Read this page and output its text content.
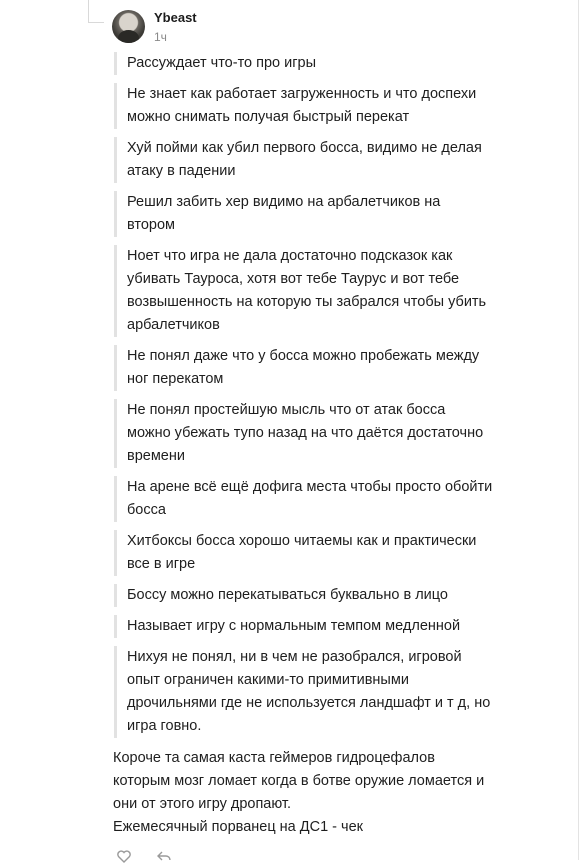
Ybeast
1ч
Рассуждает что-то про игры
Не знает как работает загруженность и что доспехи
можно снимать получая быстрый перекат
Хуй пойми как убил первого босса, видимо не делая
атаку в падении
Решил забить хер видимо на арбалетчиков на
втором
Ноет что игра не дала достаточно подсказок как
убивать Тауроса, хотя вот тебе Таурус и вот тебе
возвышенность на которую ты забрался чтобы убить
арбалетчиков
Не понял даже что у босса можно пробежать между
ног перекатом
Не понял простейшую мысль что от атак босса
можно убежать тупо назад на что даётся достаточно
времени
На арене всё ещё дофига места чтобы просто обойти
босса
Хитбоксы босса хорошо читаемы как и практически
все в игре
Боссу можно перекатываться буквально в лицо
Называет игру с нормальным темпом медленной
Нихуя не понял, ни в чем не разобрался, игровой
опыт ограничен какими-то примитивными
дрочильнями где не используется ландшафт и т д, но
игра говно.
Короче та самая каста геймеров гидроцефалов
которым мозг ломает когда в ботве оружие ломается и
они от этого игру дропают.
Ежемесячный порванец на ДС1 - чек
